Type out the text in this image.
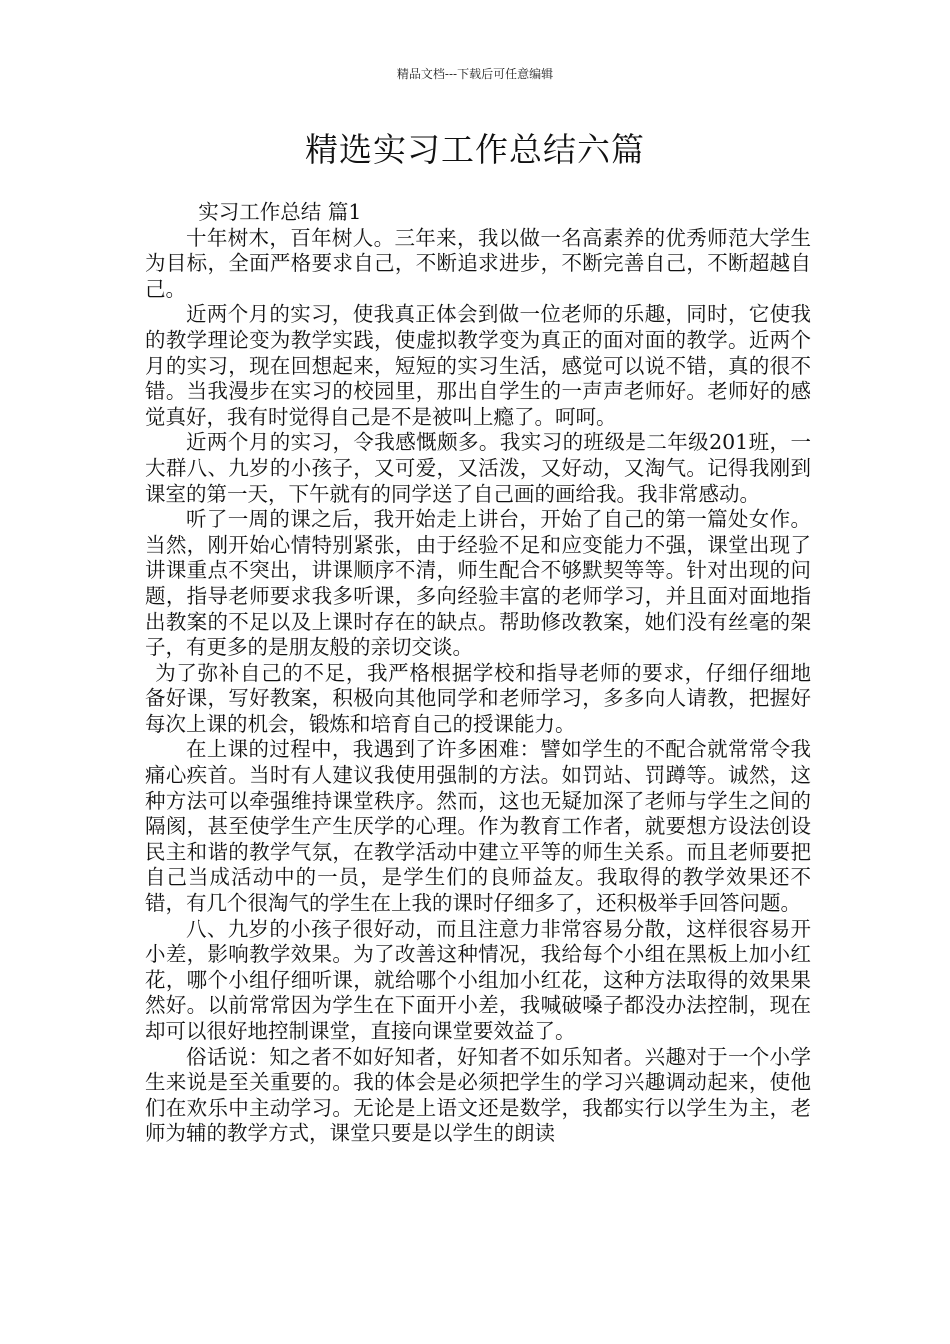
精品文档---下载后可任意编辑
精选实习工作总结六篇

实习工作总结 篇1

十年树木，百年树人。三年来，我以做一名高素养的优秀师范大学生为目标，全面严格要求自己，不断追求进步，不断完善自己，不断超越自己。

近两个月的实习，使我真正体会到做一位老师的乐趣，同时，它使我的教学理论变为教学实践，使虚拟教学变为真正的面对面的教学。近两个月的实习，现在回想起来，短短的实习生活，感觉可以说不错，真的很不错。当我漫步在实习的校园里，那出自学生的一声声老师好。老师好的感觉真好，我有时觉得自己是不是被叫上瘾了。呵呵。

近两个月的实习，令我感慨颇多。我实习的班级是二年级201班，一大群八、九岁的小孩子，又可爱，又活泼，又好动，又淘气。记得我刚到课室的第一天，下午就有的同学送了自己画的画给我。我非常感动。

听了一周的课之后，我开始走上讲台，开始了自己的第一篇处女作。当然，刚开始心情特别紧张，由于经验不足和应变能力不强，课堂出现了讲课重点不突出，讲课顺序不清，师生配合不够默契等等。针对出现的问题，指导老师要求我多听课，多向经验丰富的老师学习，并且面对面地指出教案的不足以及上课时存在的缺点。帮助修改教案，她们没有丝毫的架子，有更多的是朋友般的亲切交谈。

为了弥补自己的不足，我严格根据学校和指导老师的要求，仔细仔细地备好课，写好教案，积极向其他同学和老师学习，多多向人请教，把握好每次上课的机会，锻炼和培育自己的授课能力。

在上课的过程中，我遇到了许多困难：譬如学生的不配合就常常令我痛心疾首。当时有人建议我使用强制的方法。如罚站、罚蹲等。诚然，这种方法可以牵强维持课堂秩序。然而，这也无疑加深了老师与学生之间的隔阂，甚至使学生产生厌学的心理。作为教育工作者，就要想方设法创设民主和谐的教学气氛，在教学活动中建立平等的师生关系。而且老师要把自己当成活动中的一员，是学生们的良师益友。我取得的教学效果还不错，有几个很淘气的学生在上我的课时仔细多了，还积极举手回答问题。

八、九岁的小孩子很好动，而且注意力非常容易分散，这样很容易开小差，影响教学效果。为了改善这种情况，我给每个小组在黑板上加小红花，哪个小组仔细听课，就给哪个小组加小红花，这种方法取得的效果果然好。以前常常因为学生在下面开小差，我喊破嗓子都没办法控制，现在却可以很好地控制课堂，直接向课堂要效益了。

俗话说：知之者不如好知者，好知者不如乐知者。兴趣对于一个小学生来说是至关重要的。我的体会是必须把学生的学习兴趣调动起来，使他们在欢乐中主动学习。无论是上语文还是数学，我都实行以学生为主，老师为辅的教学方式，课堂只要是以学生的朗读
